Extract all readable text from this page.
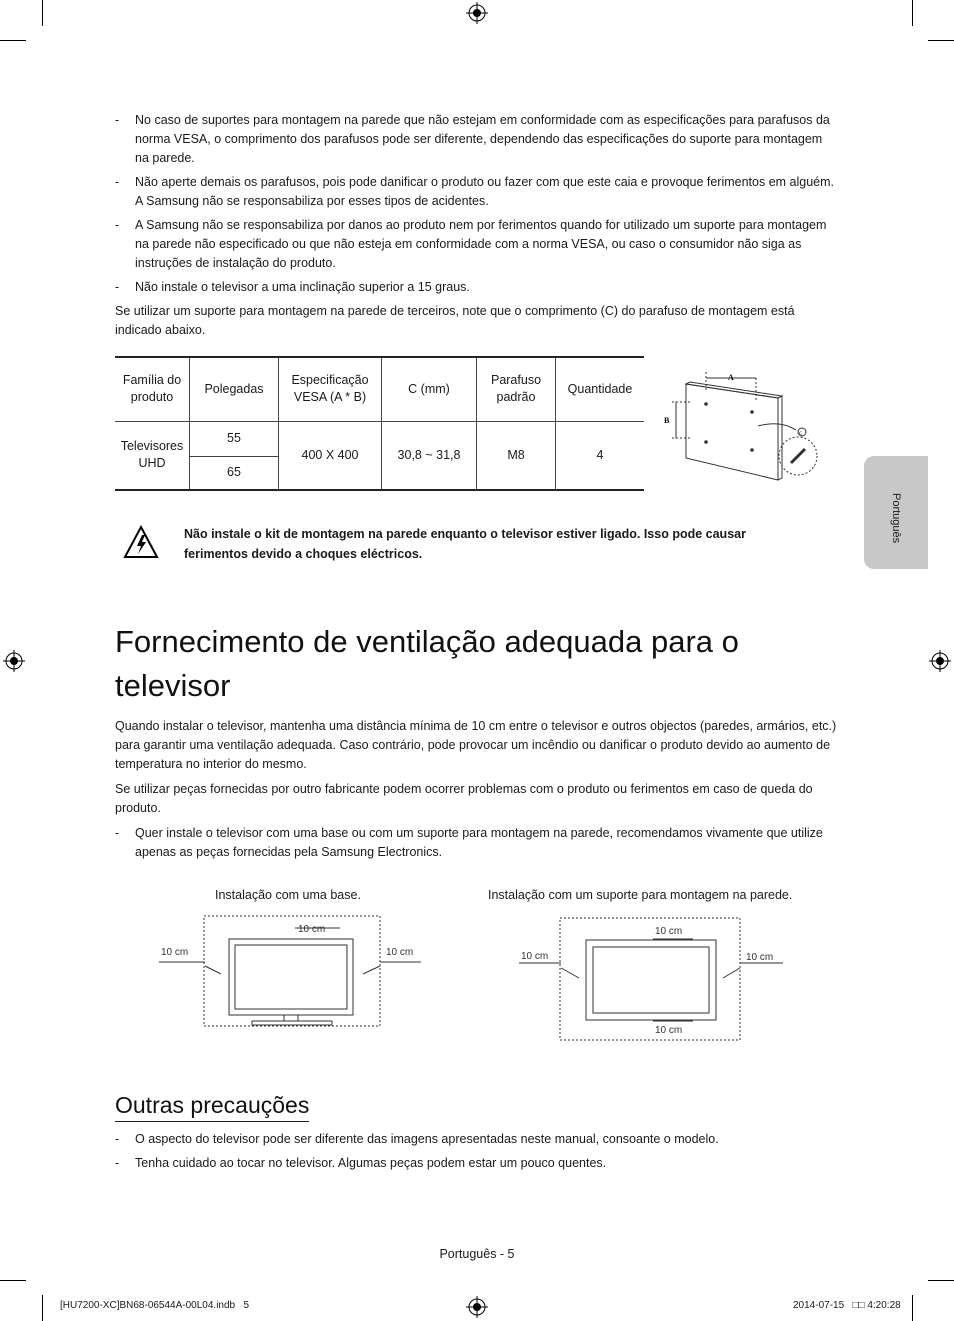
- No caso de suportes para montagem na parede que não estejam em conformidade com as especificações para parafusos da norma VESA, o comprimento dos parafusos pode ser diferente, dependendo das especificações do suporte para montagem na parede.
- Não aperte demais os parafusos, pois pode danificar o produto ou fazer com que este caia e provoque ferimentos em alguém. A Samsung não se responsabiliza por esses tipos de acidentes.
- A Samsung não se responsabiliza por danos ao produto nem por ferimentos quando for utilizado um suporte para montagem na parede não especificado ou que não esteja em conformidade com a norma VESA, ou caso o consumidor não siga as instruções de instalação do produto.
- Não instale o televisor a uma inclinação superior a 15 graus.
Se utilizar um suporte para montagem na parede de terceiros, note que o comprimento (C) do parafuso de montagem está indicado abaixo.
Família do produto	Polegadas	Especificação VESA (A * B)	C (mm)	Parafuso padrão	Quantidade
Televisores UHD	55	400 X 400	30,8 ~ 31,8	M8	4
	65				
A
B
C
Não instale o kit de montagem na parede enquanto o televisor estiver ligado. Isso pode causar ferimentos devido a choques eléctricos.
Português
Fornecimento de ventilação adequada para o televisor
Quando instalar o televisor, mantenha uma distância mínima de 10 cm entre o televisor e outros objectos (paredes, armários, etc.) para garantir uma ventilação adequada. Caso contrário, pode provocar um incêndio ou danificar o produto devido ao aumento de temperatura no interior do mesmo.
Se utilizar peças fornecidas por outro fabricante podem ocorrer problemas com o produto ou ferimentos em caso de queda do produto.
- Quer instale o televisor com uma base ou com um suporte para montagem na parede, recomendamos vivamente que utilize apenas as peças fornecidas pela Samsung Electronics.
Instalação com uma base.	Instalação com um suporte para montagem na parede.
10 cm
10 cm	10 cm
10 cm
10 cm	10 cm
10 cm
Outras precauções
- O aspecto do televisor pode ser diferente das imagens apresentadas neste manual, consoante o modelo.
- Tenha cuidado ao tocar no televisor. Algumas peças podem estar um pouco quentes.
Português - 5
[HU7200-XC]BN68-06544A-00L04.indb   5	2014-07-15   □□ 4:20:28
